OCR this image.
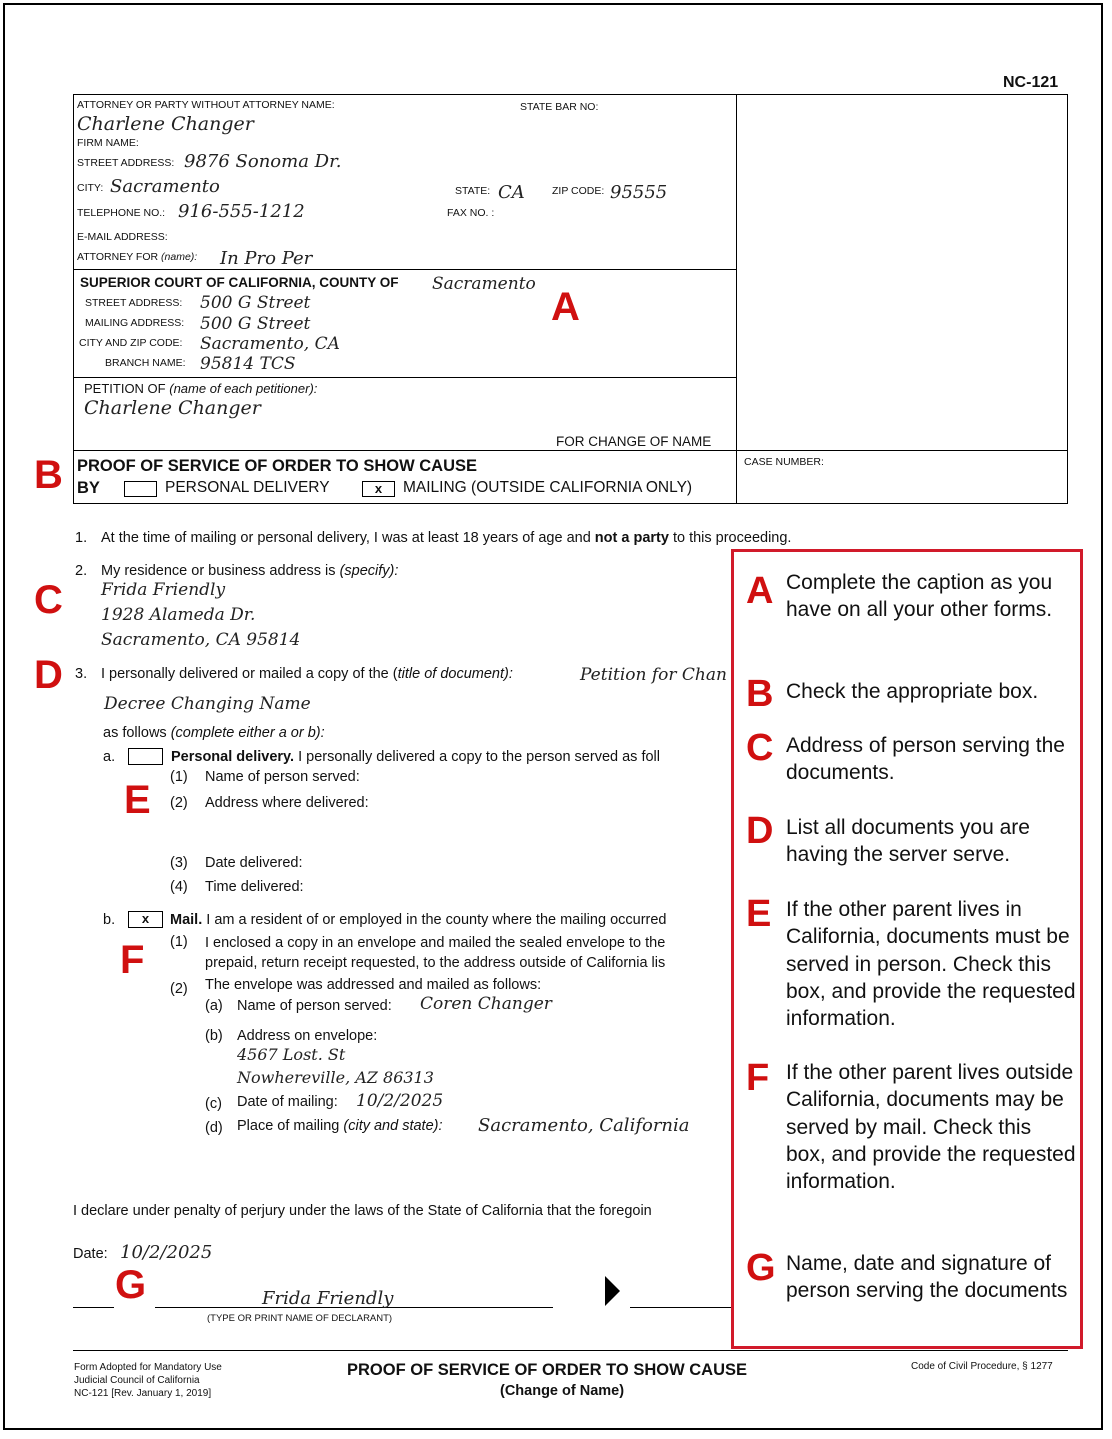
NC-121
ATTORNEY OR PARTY WITHOUT ATTORNEY NAME:	STATE BAR NO:
Charlene Changer
FIRM NAME:
STREET ADDRESS: 9876 Sonoma Dr.
CITY: Sacramento	STATE: CA	ZIP CODE: 95555
TELEPHONE NO.: 916-555-1212	FAX NO. :
E-MAIL ADDRESS:
ATTORNEY FOR (name): In Pro Per
SUPERIOR COURT OF CALIFORNIA, COUNTY OF Sacramento
STREET ADDRESS: 500 G Street
MAILING ADDRESS: 500 G Street
CITY AND ZIP CODE: Sacramento, CA
BRANCH NAME: 95814 TCS
PETITION OF (name of each petitioner):
Charlene Changer
FOR CHANGE OF NAME
PROOF OF SERVICE OF ORDER TO SHOW CAUSE
BY	PERSONAL DELIVERY	x	MAILING (OUTSIDE CALIFORNIA ONLY)
CASE NUMBER:
1. At the time of mailing or personal delivery, I was at least 18 years of age and not a party to this proceeding.
2. My residence or business address is (specify):
Frida Friendly
1928 Alameda Dr.
Sacramento, CA 95814
3. I personally delivered or mailed a copy of the (title of document):	Petition for Chan
Decree Changing Name
as follows (complete either a or b):
a.	Personal delivery. I personally delivered a copy to the person served as foll
(1) Name of person served:
(2) Address where delivered:
(3) Date delivered:
(4) Time delivered:
b.	x	Mail. I am a resident of or employed in the county where the mailing occurred
(1) I enclosed a copy in an envelope and mailed the sealed envelope to the
prepaid, return receipt requested, to the address outside of California lis
(2) The envelope was addressed and mailed as follows:
(a) Name of person served: Coren Changer
(b) Address on envelope:
4567 Lost. St
Nowhereville, AZ 86313
(c) Date of mailing: 10/2/2025
(d) Place of mailing (city and state): Sacramento, California
I declare under penalty of perjury under the laws of the State of California that the foregoin
Date: 10/2/2025
Frida Friendly
(TYPE OR PRINT NAME OF DECLARANT)
Form Adopted for Mandatory Use
Judicial Council of California
NC-121 [Rev. January 1, 2019]
PROOF OF SERVICE OF ORDER TO SHOW CAUSE
(Change of Name)
Code of Civil Procedure, § 1277
A
B
C
D
E
F
G
A Complete the caption as you have on all your other forms.
B Check the appropriate box.
C Address of person serving the documents.
D List all documents you are having the server serve.
E If the other parent lives in California, documents must be served in person. Check this box, and provide the requested information.
F If the other parent lives outside California, documents may be served by mail. Check this box, and provide the requested information.
G Name, date and signature of person serving the documents
